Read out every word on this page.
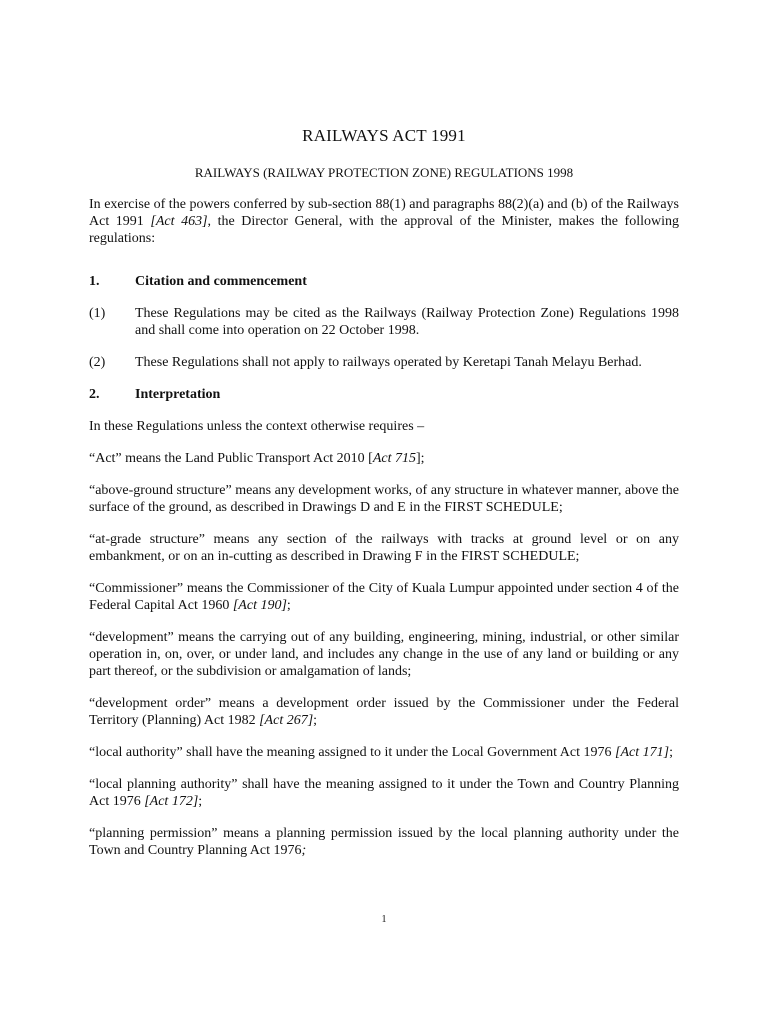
RAILWAYS ACT 1991
RAILWAYS (RAILWAY PROTECTION ZONE) REGULATIONS 1998

In exercise of the powers conferred by sub-section 88(1) and paragraphs 88(2)(a) and (b) of the Railways Act 1991 [Act 463], the Director General, with the approval of the Minister, makes the following regulations:

1.	Citation and commencement

(1)	These Regulations may be cited as the Railways (Railway Protection Zone) Regulations 1998 and shall come into operation on 22 October 1998.

(2)	These Regulations shall not apply to railways operated by Keretapi Tanah Melayu Berhad.

2.	Interpretation

In these Regulations unless the context otherwise requires –

“Act” means the Land Public Transport Act 2010 [Act 715];

“above-ground structure” means any development works, of any structure in whatever manner, above the surface of the ground, as described in Drawings D and E in the FIRST SCHEDULE;

“at-grade structure” means any section of the railways with tracks at ground level or on any embankment, or on an in-cutting as described in Drawing F in the FIRST SCHEDULE;

“Commissioner” means the Commissioner of the City of Kuala Lumpur appointed under section 4 of the Federal Capital Act 1960 [Act 190];

“development” means the carrying out of any building, engineering, mining, industrial, or other similar operation in, on, over, or under land, and includes any change in the use of any land or building or any part thereof, or the subdivision or amalgamation of lands;

“development order” means a development order issued by the Commissioner under the Federal Territory (Planning) Act 1982 [Act 267];

“local authority” shall have the meaning assigned to it under the Local Government Act 1976 [Act 171];

“local planning authority” shall have the meaning assigned to it under the Town and Country Planning Act 1976 [Act 172];

“planning permission” means a planning permission issued by the local planning authority under the Town and Country Planning Act 1976;

1
